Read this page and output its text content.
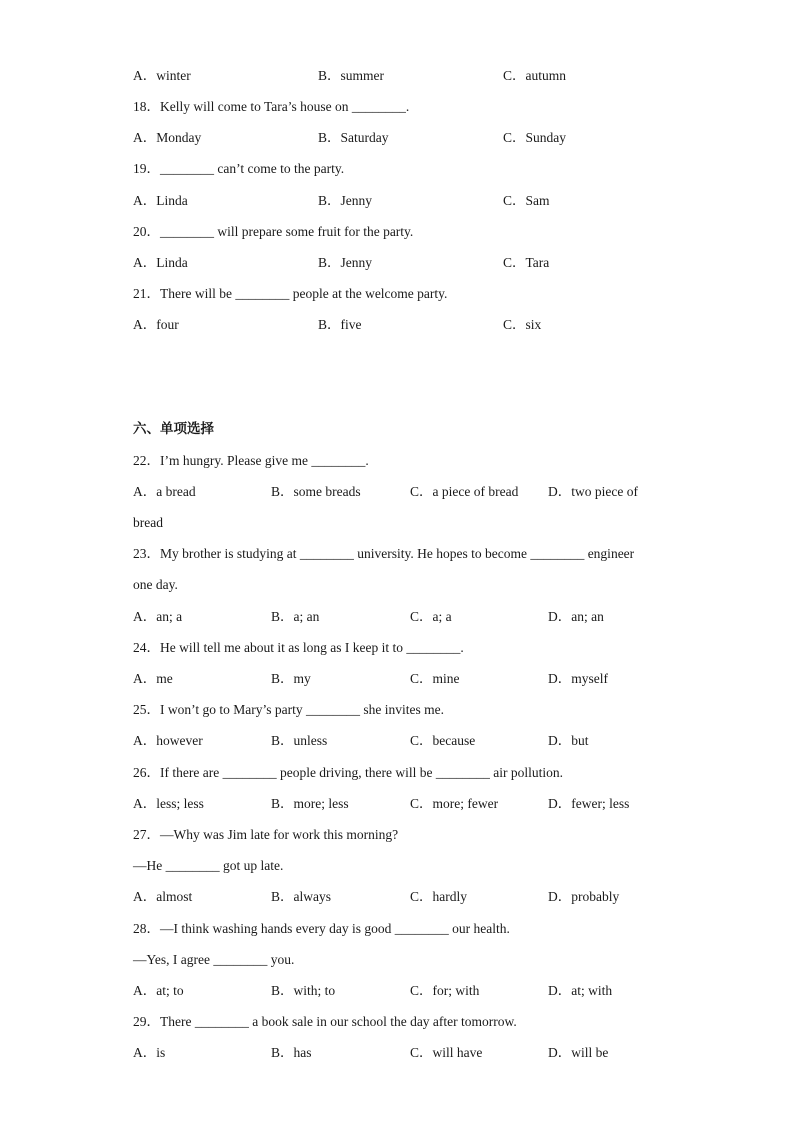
A．winter	B．summer	C．autumn
18．Kelly will come to Tara’s house on ________.
A．Monday	B．Saturday	C．Sunday
19．________ can’t come to the party.
A．Linda	B．Jenny	C．Sam
20．________ will prepare some fruit for the party.
A．Linda	B．Jenny	C．Tara
21．There will be ________ people at the welcome party.
A．four	B．five	C．six
六、单项选择
22．I’m hungry. Please give me ________.
A．a bread	B．some breads	C．a piece of bread D．two piece of
bread
23．My brother is studying at ________ university. He hopes to become ________ engineer
one day.
A．an; a	B．a; an	C．a; a	D．an; an
24．He will tell me about it as long as I keep it to ________.
A．me	B．my	C．mine	D．myself
25．I won’t go to Mary’s party ________ she invites me.
A．however	B．unless	C．because	D．but
26．If there are ________ people driving, there will be ________ air pollution.
A．less; less	B．more; less	C．more; fewer	D．fewer; less
27．—Why was Jim late for work this morning?
—He ________ got up late.
A．almost	B．always	C．hardly	D．probably
28．—I think washing hands every day is good ________ our health.
—Yes, I agree ________ you.
A．at; to	B．with; to	C．for; with	D．at; with
29．There ________ a book sale in our school the day after tomorrow.
A．is	B．has	C．will have	D．will be
